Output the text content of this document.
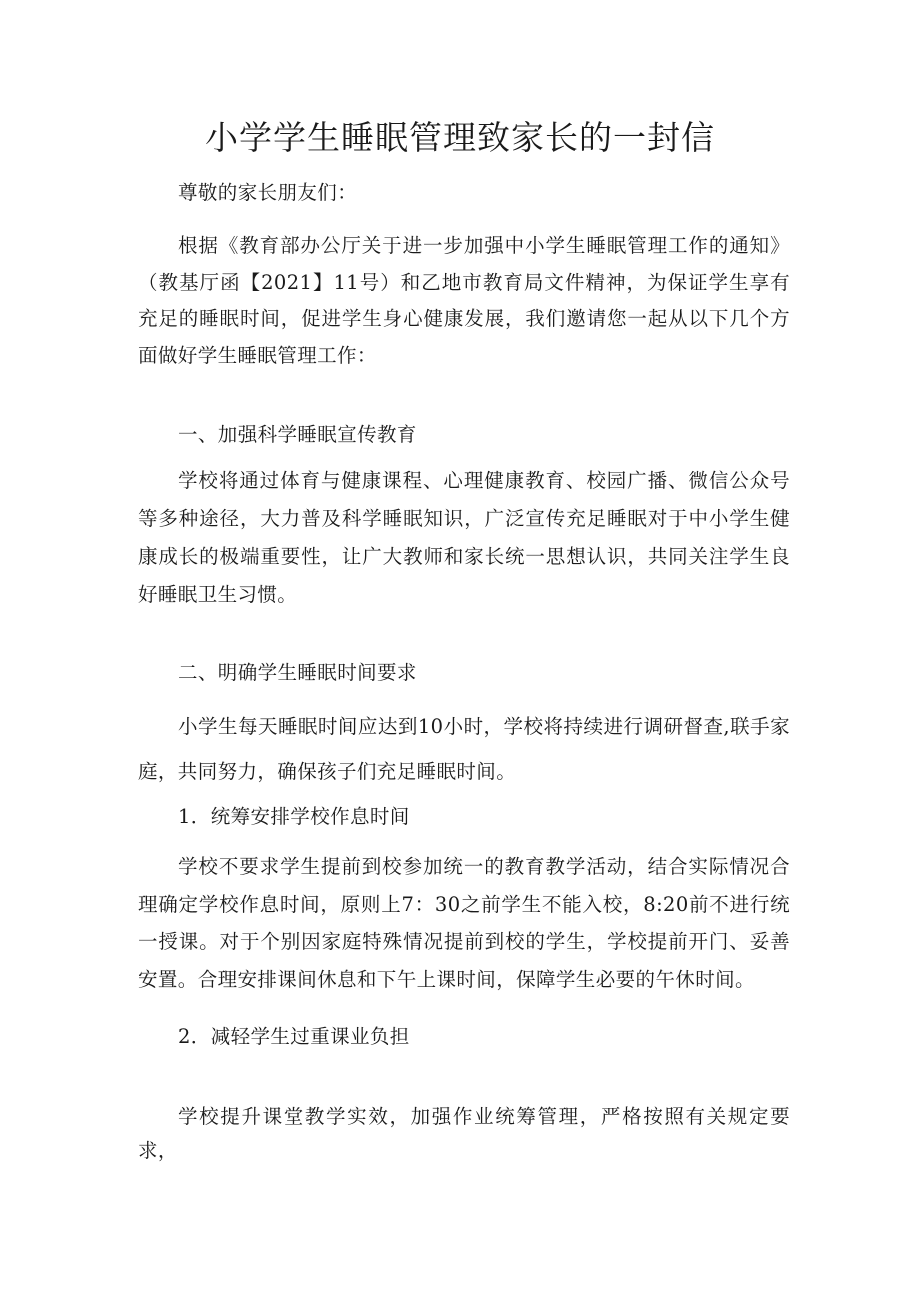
小学学生睡眠管理致家长的一封信

尊敬的家长朋友们：

根据《教育部办公厅关于进一步加强中小学生睡眠管理工作的通知》（教基厅函【2021】11号）和乙地市教育局文件精神，为保证学生享有充足的睡眠时间，促进学生身心健康发展，我们邀请您一起从以下几个方面做好学生睡眠管理工作：

一、加强科学睡眠宣传教育

学校将通过体育与健康课程、心理健康教育、校园广播、微信公众号等多种途径，大力普及科学睡眠知识，广泛宣传充足睡眠对于中小学生健康成长的极端重要性，让广大教师和家长统一思想认识，共同关注学生良好睡眠卫生习惯。

二、明确学生睡眠时间要求

小学生每天睡眠时间应达到10小时，学校将持续进行调研督查,联手家庭，共同努力，确保孩子们充足睡眠时间。

1．统筹安排学校作息时间

学校不要求学生提前到校参加统一的教育教学活动，结合实际情况合理确定学校作息时间，原则上7：30之前学生不能入校，8:20前不进行统一授课。对于个别因家庭特殊情况提前到校的学生，学校提前开门、妥善安置。合理安排课间休息和下午上课时间，保障学生必要的午休时间。

2．减轻学生过重课业负担

学校提升课堂教学实效，加强作业统筹管理，严格按照有关规定要求，
